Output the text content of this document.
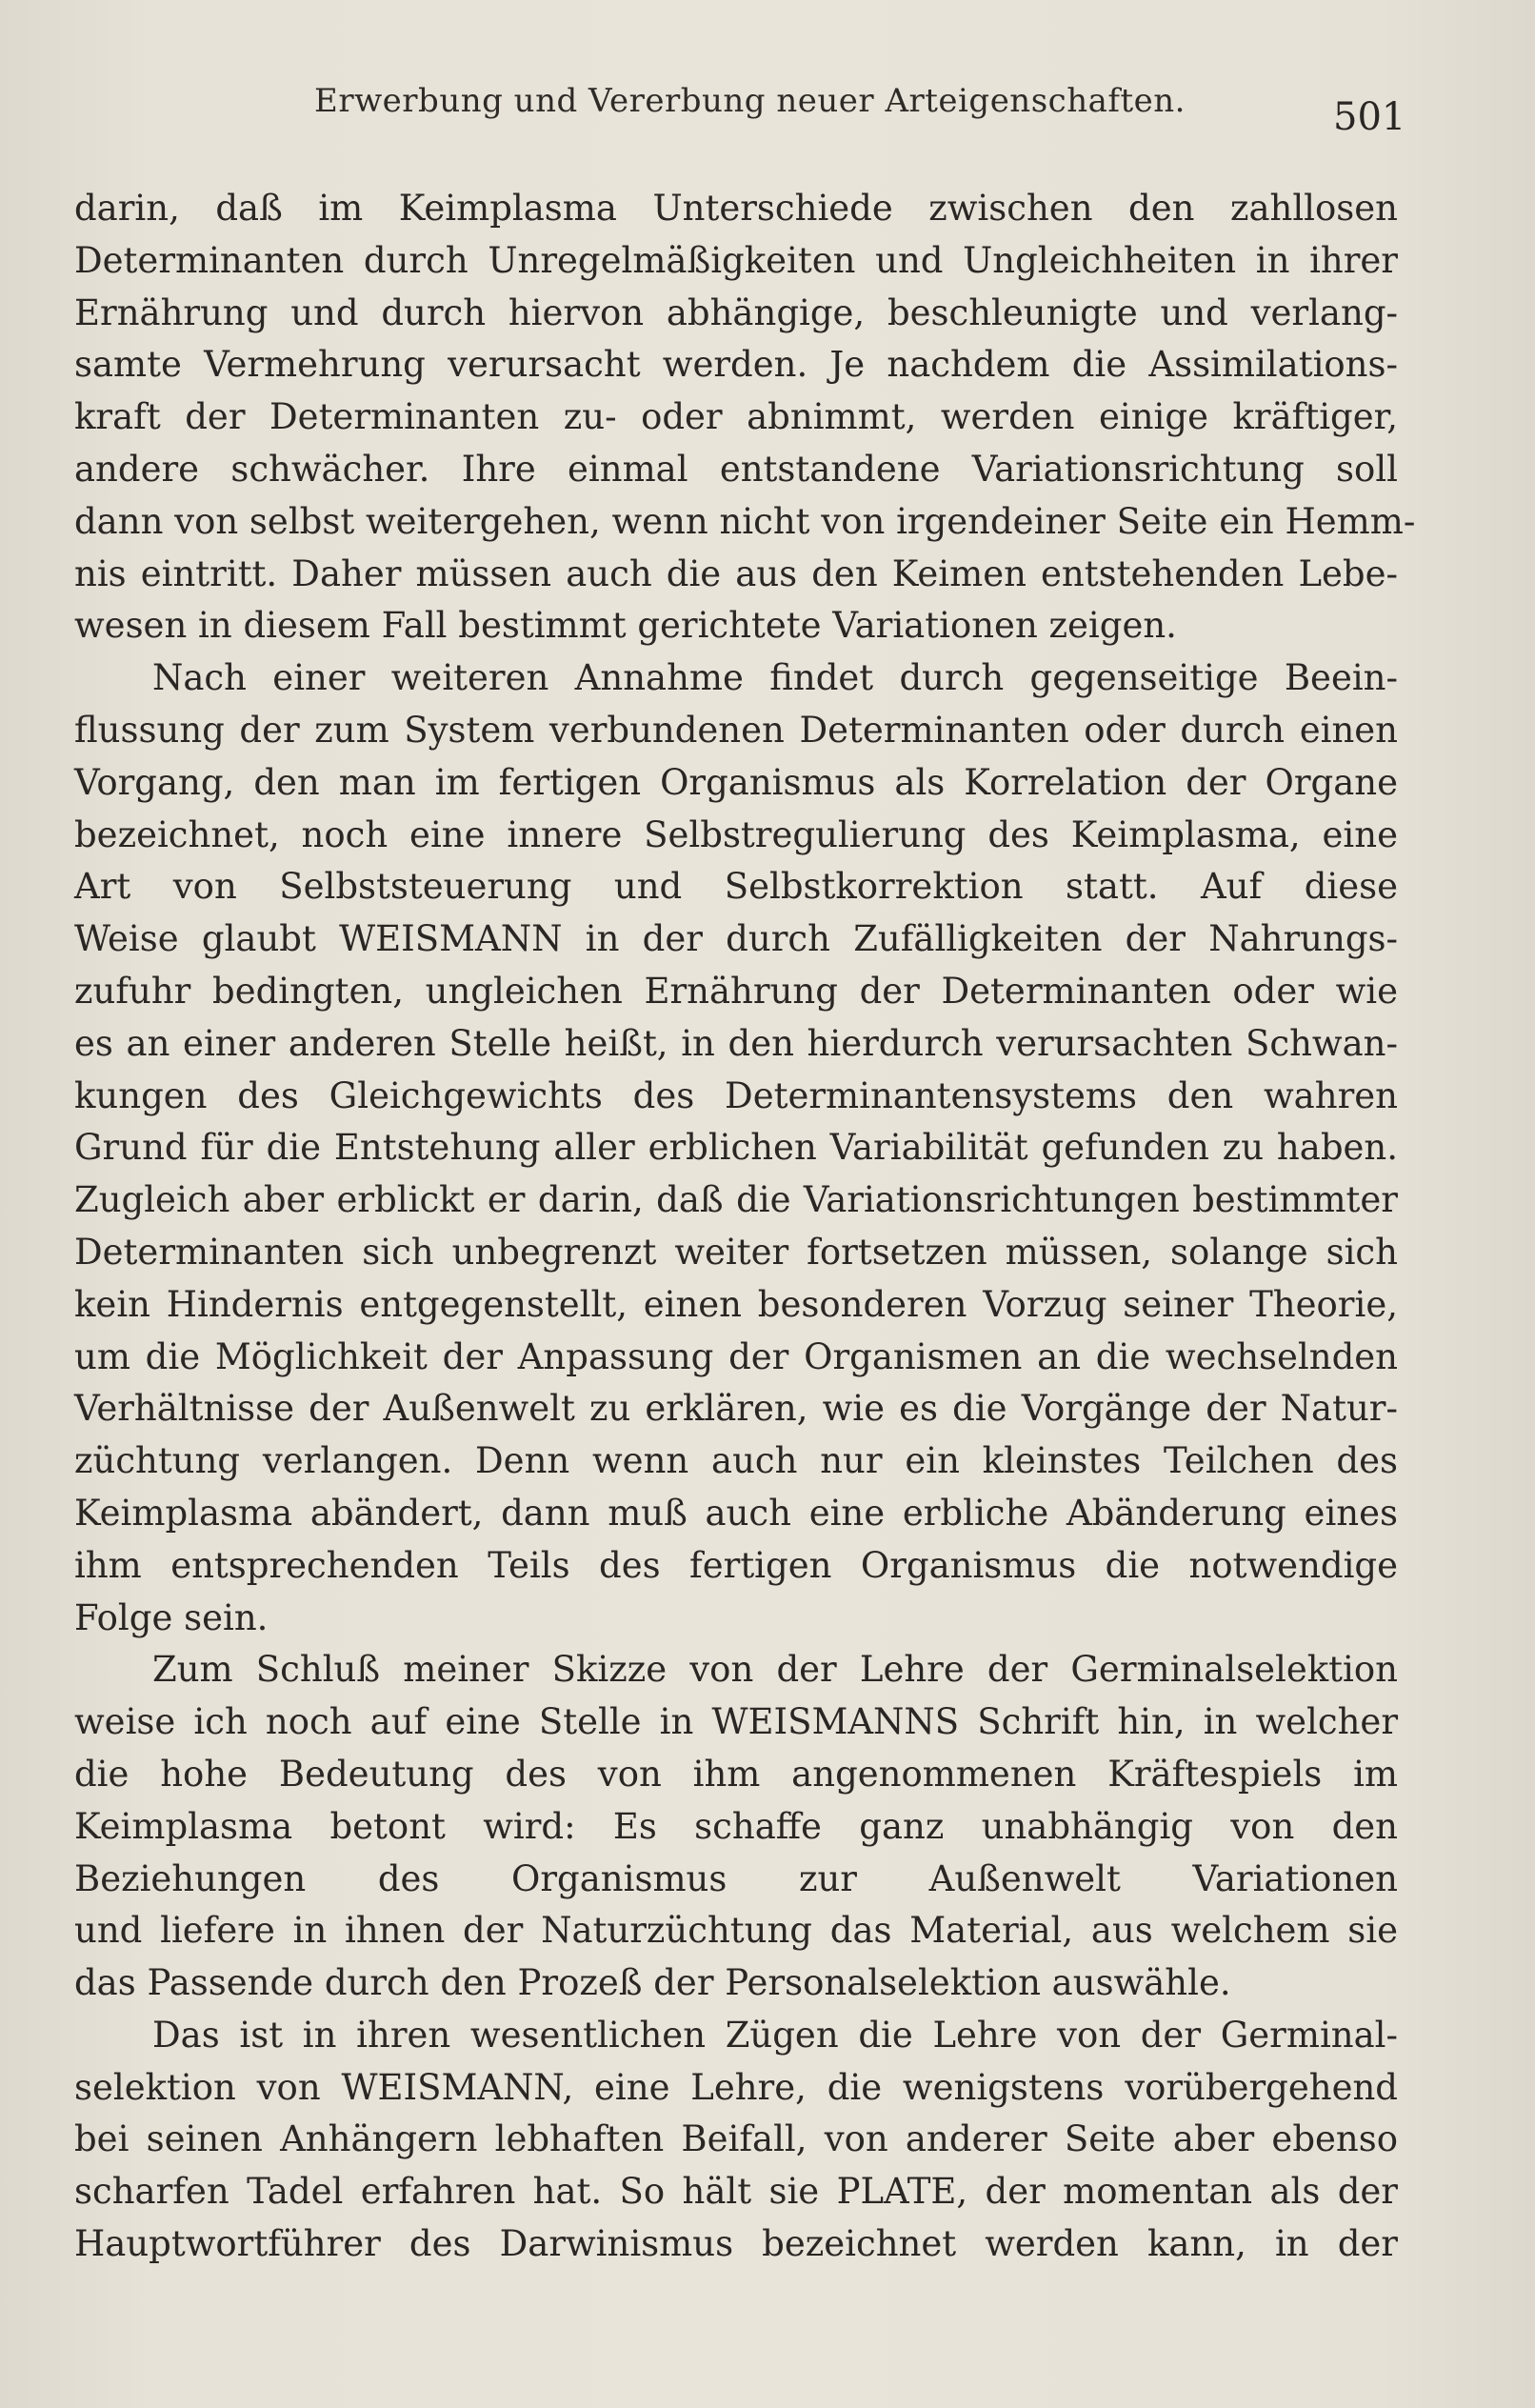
Erwerbung und Vererbung neuer Arteigenschaften.	501
darin, daß im Keimplasma Unterschiede zwischen den zahllosen
Determinanten durch Unregelmäßigkeiten und Ungleichheiten in ihrer
Ernährung und durch hiervon abhängige, beschleunigte und verlang-
samte Vermehrung verursacht werden. Je nachdem die Assimilations-
kraft der Determinanten zu- oder abnimmt, werden einige kräftiger,
andere schwächer. Ihre einmal entstandene Variationsrichtung soll
dann von selbst weitergehen, wenn nicht von irgendeiner Seite ein Hemm-
nis eintritt. Daher müssen auch die aus den Keimen entstehenden Lebe-
wesen in diesem Fall bestimmt gerichtete Variationen zeigen.
Nach einer weiteren Annahme findet durch gegenseitige Beein-
flussung der zum System verbundenen Determinanten oder durch einen
Vorgang, den man im fertigen Organismus als Korrelation der Organe
bezeichnet, noch eine innere Selbstregulierung des Keimplasma, eine
Art von Selbststeuerung und Selbstkorrektion statt. Auf diese
Weise glaubt WEISMANN in der durch Zufälligkeiten der Nahrungs-
zufuhr bedingten, ungleichen Ernährung der Determinanten oder wie
es an einer anderen Stelle heißt, in den hierdurch verursachten Schwan-
kungen des Gleichgewichts des Determinantensystems den wahren
Grund für die Entstehung aller erblichen Variabilität gefunden zu haben.
Zugleich aber erblickt er darin, daß die Variationsrichtungen bestimmter
Determinanten sich unbegrenzt weiter fortsetzen müssen, solange sich
kein Hindernis entgegenstellt, einen besonderen Vorzug seiner Theorie,
um die Möglichkeit der Anpassung der Organismen an die wechselnden
Verhältnisse der Außenwelt zu erklären, wie es die Vorgänge der Natur-
züchtung verlangen. Denn wenn auch nur ein kleinstes Teilchen des
Keimplasma abändert, dann muß auch eine erbliche Abänderung eines
ihm entsprechenden Teils des fertigen Organismus die notwendige
Folge sein.
Zum Schluß meiner Skizze von der Lehre der Germinalselektion
weise ich noch auf eine Stelle in WEISMANNS Schrift hin, in welcher
die hohe Bedeutung des von ihm angenommenen Kräftespiels im
Keimplasma betont wird: Es schaffe ganz unabhängig von den
Beziehungen des Organismus zur Außenwelt Variationen
und liefere in ihnen der Naturzüchtung das Material, aus welchem sie
das Passende durch den Prozeß der Personalselektion auswähle.
Das ist in ihren wesentlichen Zügen die Lehre von der Germinal-
selektion von WEISMANN, eine Lehre, die wenigstens vorübergehend
bei seinen Anhängern lebhaften Beifall, von anderer Seite aber ebenso
scharfen Tadel erfahren hat. So hält sie PLATE, der momentan als der
Hauptwortführer des Darwinismus bezeichnet werden kann, in der
